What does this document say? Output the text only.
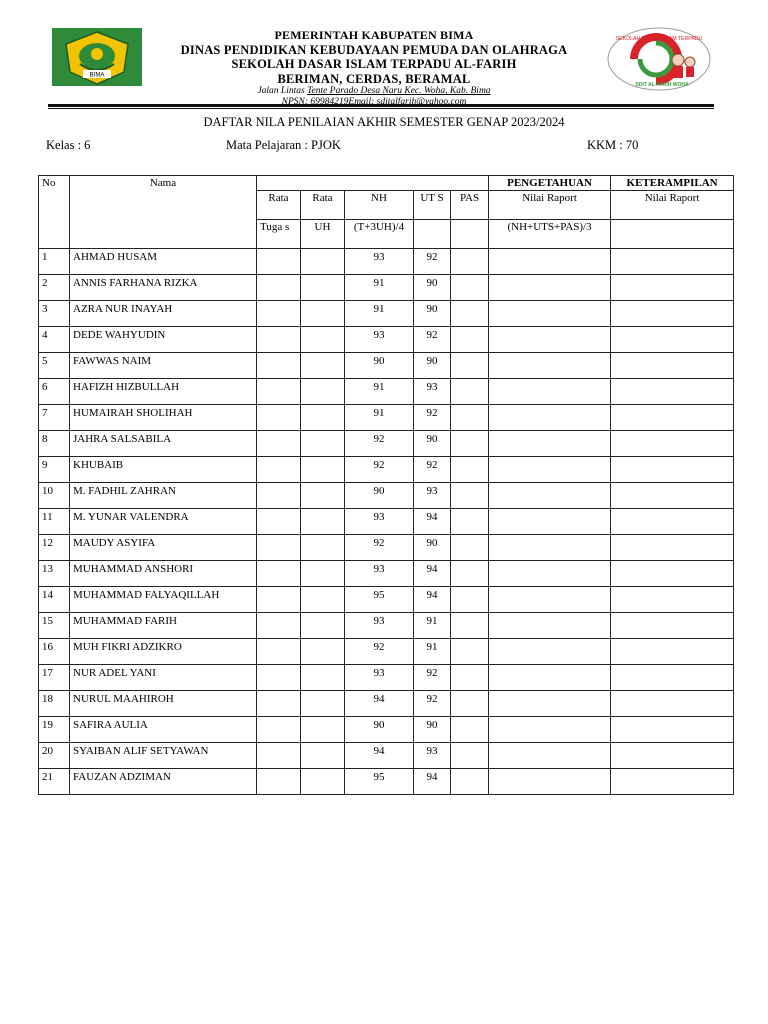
BIMA
PEMERINTAH KABUPATEN BIMA
DINAS PENDIDIKAN KEBUDAYAAN PEMUDA DAN OLAHRAGA
SEKOLAH DASAR ISLAM TERPADU AL-FARIH
BERIMAN, CERDAS, BERAMAL
Jalan Lintas Tente Parado Desa Naru Kec. Woha, Kab. Bima
NPSN: 69984219Email: sditalfarih@yahoo.com
SEKOLAH DASAR ISLAM TERPADU
SDIT AL-FARIH WOHA
DAFTAR NILA PENILAIAN AKHIR SEMESTER GENAP 2023/2024
Kelas : 6	Mata Pelajaran : PJOK	KKM : 70
No	Nama						PENGETAHUAN	KETERAMPILAN
		Rata	Rata	NH	UT S	PAS	Nilai Raport	Nilai Raport
		Tuga s	UH	(T+3UH)/4			(NH+UTS+PAS)/3	
1	AHMAD HUSAM			93	92			
2	ANNIS FARHANA RIZKA			91	90			
3	AZRA NUR INAYAH			91	90			
4	DEDE WAHYUDIN			93	92			
5	FAWWAS NAIM			90	90			
6	HAFIZH HIZBULLAH			91	93			
7	HUMAIRAH SHOLIHAH			91	92			
8	JAHRA SALSABILA			92	90			
9	KHUBAIB			92	92			
10	M. FADHIL ZAHRAN			90	93			
11	M. YUNAR VALENDRA			93	94			
12	MAUDY ASYIFA			92	90			
13	MUHAMMAD ANSHORI			93	94			
14	MUHAMMAD FALYAQILLAH			95	94			
15	MUHAMMAD FARIH			93	91			
16	MUH FIKRI ADZIKRO			92	91			
17	NUR ADEL YANI			93	92			
18	NURUL MAAHIROH			94	92			
19	SAFIRA AULIA			90	90			
20	SYAIBAN ALIF SETYAWAN			94	93			
21	FAUZAN ADZIMAN			95	94			
